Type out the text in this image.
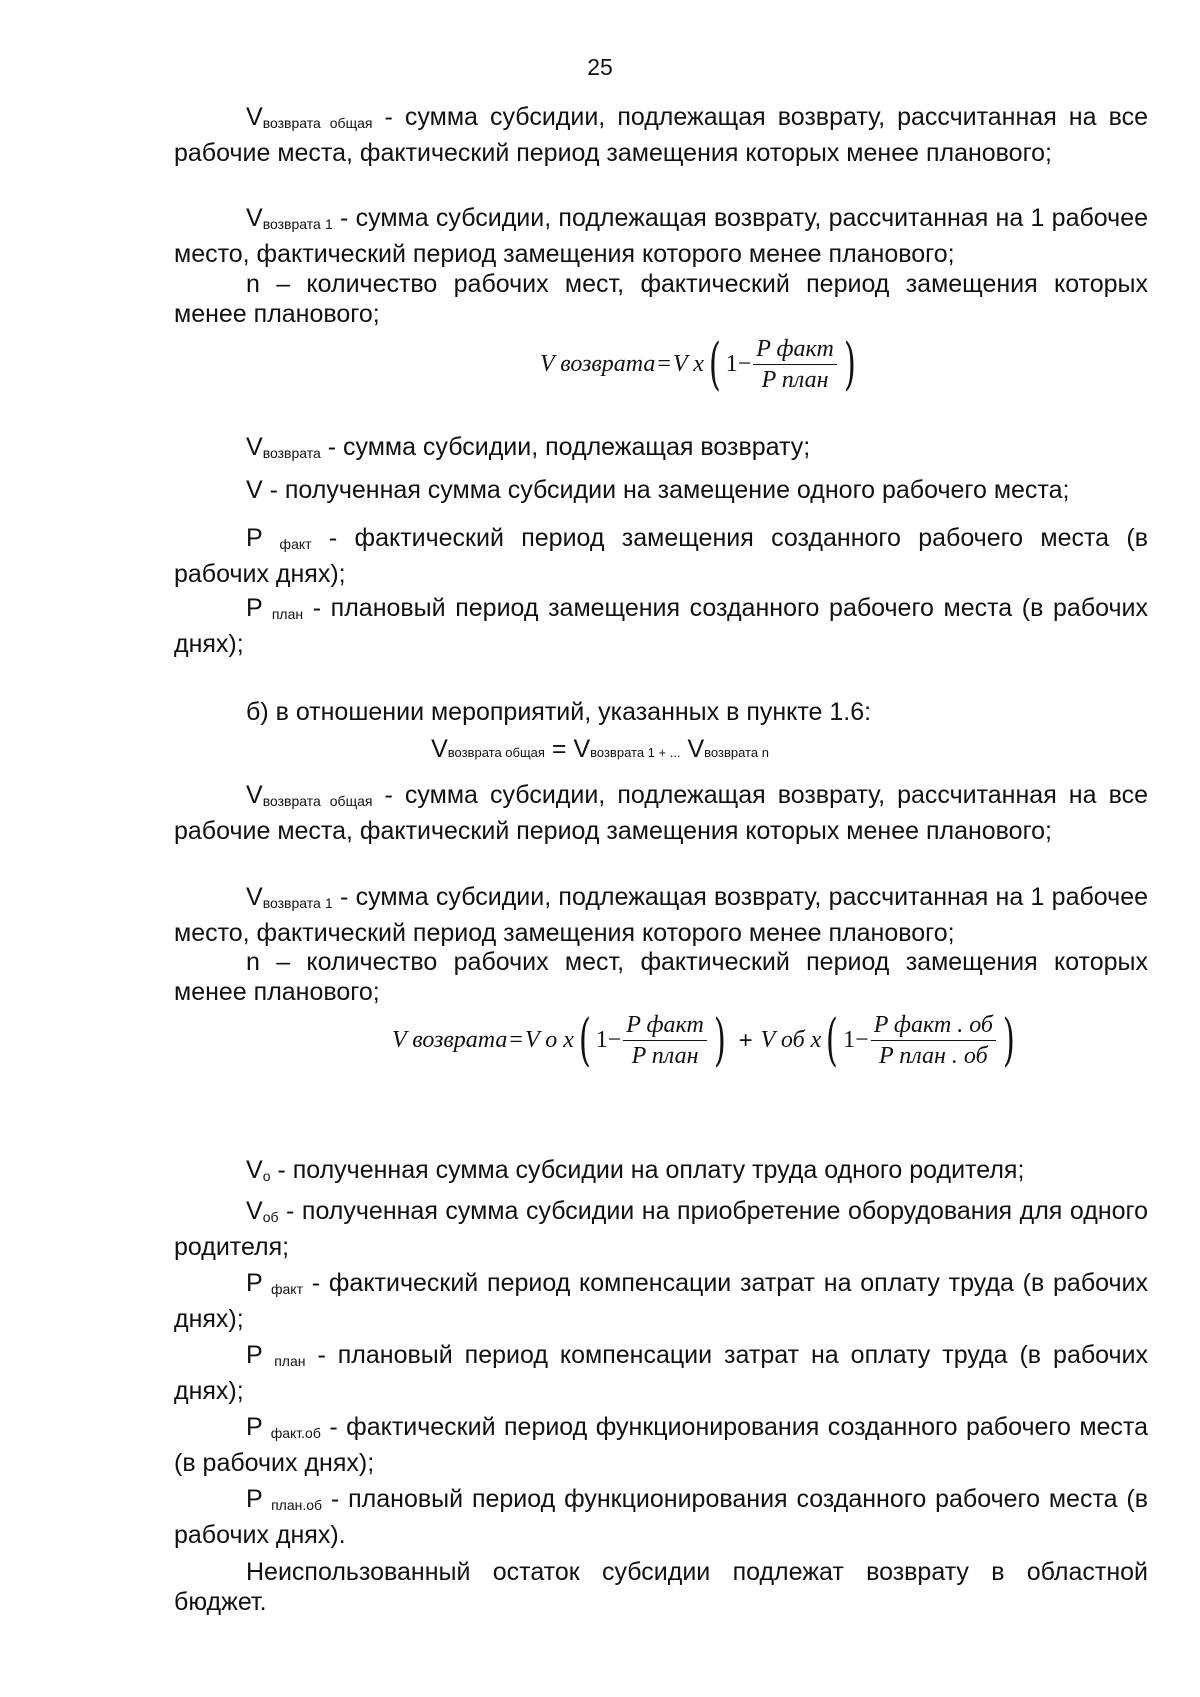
25
$V_{возврата общая}$ - сумма субсидии, подлежащая возврату, рассчитанная на все рабочие места, фактический период замещения которых менее планового;
$V_{возврата 1}$ - сумма субсидии, подлежащая возврату, рассчитанная на 1 рабочее место, фактический период замещения которого менее планового;
n – количество рабочих мест, фактический период замещения которых менее планового;
V возврата = V x ( $1 - \frac{\text{P факт}}{\text{P план}}$ )
$V_{возврата}$ - сумма субсидии, подлежащая возврату;
V - полученная сумма субсидии на замещение одного рабочего места;
P $_{факт}$ - фактический период замещения созданного рабочего места (в рабочих днях);
P $_{план}$ - плановый период замещения созданного рабочего места (в рабочих днях);
б) в отношении мероприятий, указанных в пункте 1.6:
Vвозврата общая = Vвозврата 1 + ... Vвозврата n
$V_{возврата общая}$ - сумма субсидии, подлежащая возврату, рассчитанная на все рабочие места, фактический период замещения которых менее планового;
$V_{возврата 1}$ - сумма субсидии, подлежащая возврату, рассчитанная на 1 рабочее место, фактический период замещения которого менее планового;
n – количество рабочих мест, фактический период замещения которых менее планового;
V возврата = V o x ( $1 - \frac{\text{P факт}}{\text{P план}}$ ) + V об x ( $1 - \frac{\text{P факт . об}}{\text{P план . об}}$ )
Vо - полученная сумма субсидии на оплату труда одного родителя;
Vоб - полученная сумма субсидии на приобретение оборудования для одного родителя;
P $_{факт}$ - фактический период компенсации затрат на оплату труда (в рабочих днях);
P $_{план}$ - плановый период компенсации затрат на оплату труда (в рабочих днях);
P $_{факт.об}$ - фактический период функционирования созданного рабочего места (в рабочих днях);
P $_{план.об}$ - плановый период функционирования созданного рабочего места (в рабочих днях).
Неиспользованный остаток субсидии подлежат возврату в областной бюджет.
